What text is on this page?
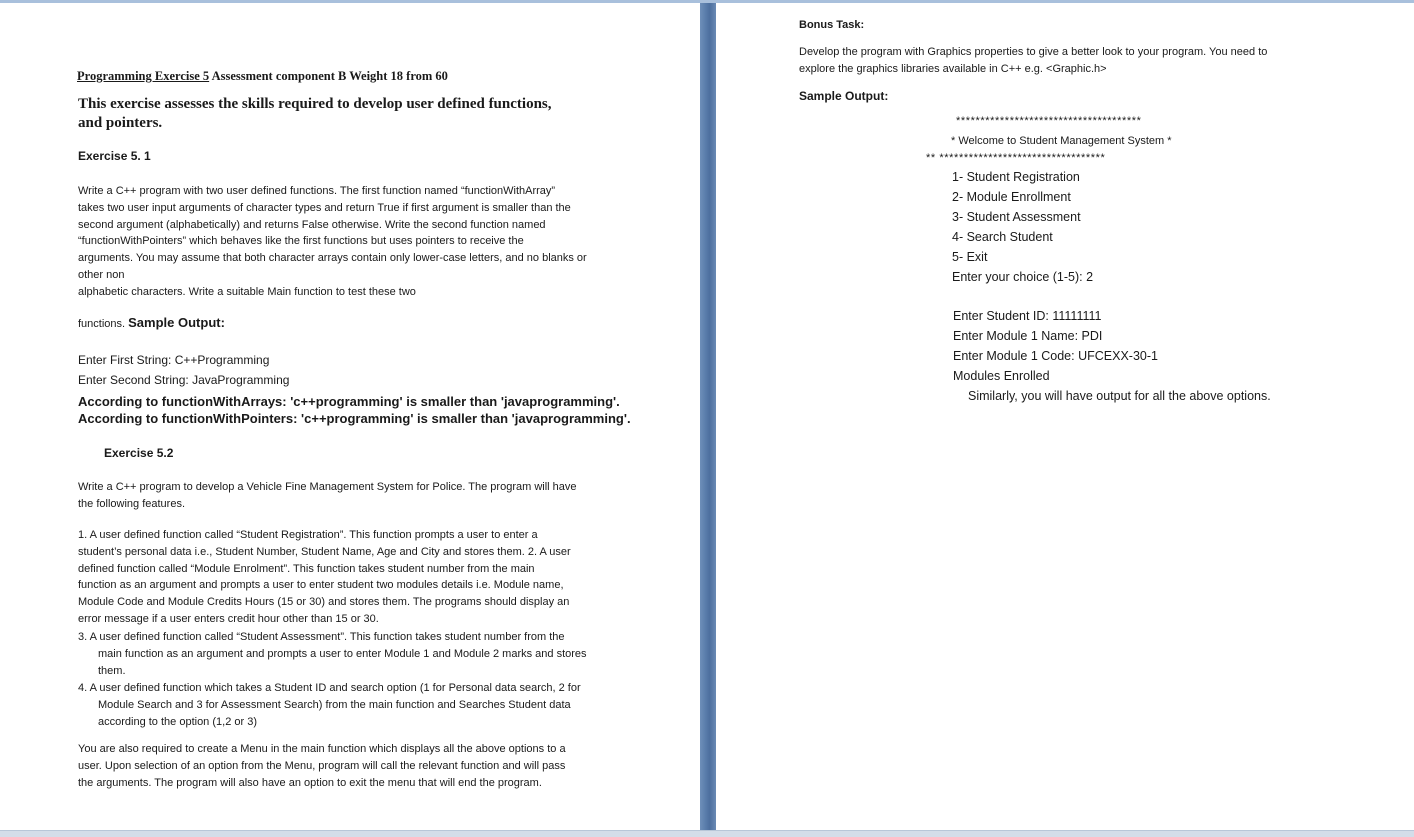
Programming Exercise 5 Assessment component B Weight 18 from 60
This exercise assesses the skills required to develop user defined functions,
and pointers.
Exercise 5. 1

Write a C++ program with two user defined functions. The first function named “functionWithArray”

takes two user input arguments of character types and return True if first argument is smaller than the

second argument (alphabetically) and returns False otherwise. Write the second function named

“functionWithPointers” which behaves like the first functions but uses pointers to receive the

arguments. You may assume that both character arrays contain only lower-case letters, and no blanks or

other non

alphabetic characters. Write a suitable Main function to test these two

functions. Sample Output:
Enter First String: C++Programming
Enter Second String: JavaProgramming
According to functionWithArrays: 'c++programming' is smaller than 'javaprogramming'.
According to functionWithPointers: 'c++programming' is smaller than 'javaprogramming'.
Exercise 5.2

Write a C++ program to develop a Vehicle Fine Management System for Police. The program will have

the following features.

1. A user defined function called “Student Registration”. This function prompts a user to enter a

student’s personal data i.e., Student Number, Student Name, Age and City and stores them. 2. A user

defined function called “Module Enrolment”. This function takes student number from the main

function as an argument and prompts a user to enter student two modules details i.e. Module name,

Module Code and Module Credits Hours (15 or 30) and stores them. The programs should display an

error message if a user enters credit hour other than 15 or 30.

3. A user defined function called “Student Assessment”. This function takes student number from the

main function as an argument and prompts a user to enter Module 1 and Module 2 marks and stores

them.

4. A user defined function which takes a Student ID and search option (1 for Personal data search, 2 for

Module Search and 3 for Assessment Search) from the main function and Searches Student data

according to the option (1,2 or 3)

You are also required to create a Menu in the main function which displays all the above options to a

user. Upon selection of an option from the Menu, program will call the relevant function and will pass

the arguments. The program will also have an option to exit the menu that will end the program.

Bonus Task:

Develop the program with Graphics properties to give a better look to your program. You need to

explore the graphics libraries available in C++ e.g. <Graphic.h>

Sample Output:
**************************************
* Welcome to Student Management System *
** **********************************
1- Student Registration
2- Module Enrollment
3- Student Assessment
4- Search Student
5- Exit
Enter your choice (1-5): 2
Enter Student ID: 11111111
Enter Module 1 Name: PDI
Enter Module 1 Code: UFCEXX-30-1
Modules Enrolled
Similarly, you will have output for all the above options.
